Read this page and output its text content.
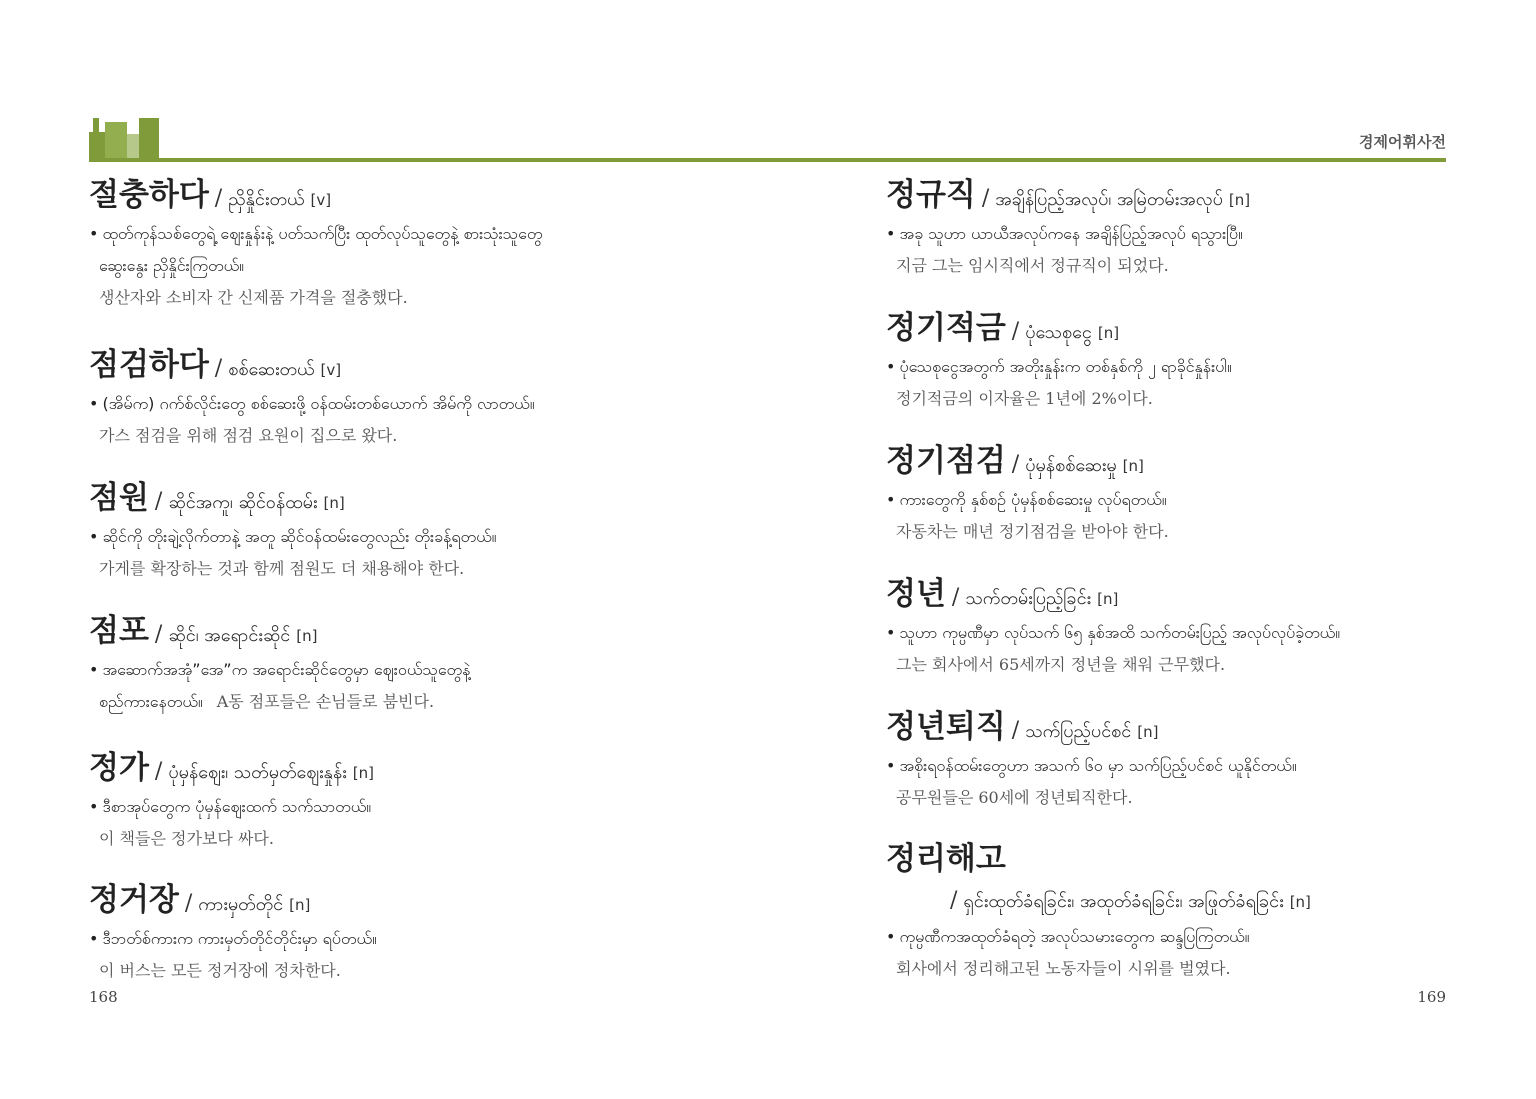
경제어휘사전
절충하다 / ညှိနှိုင်းတယ် [v]
• ထုတ်ကုန်သစ်တွေရဲ့ ဈေးနှုန်းနဲ့ ပတ်သက်ပြီး ထုတ်လုပ်သူတွေနဲ့ စားသုံးသူတွေ
ဆွေးနွေး ညှိနှိုင်းကြတယ်။
생산자와 소비자 간 신제품 가격을 절충했다.
점검하다 / စစ်ဆေးတယ် [v]
• (အိမ်က) ဂက်စ်လိုင်းတွေ စစ်ဆေးဖို့ ဝန်ထမ်းတစ်ယောက် အိမ်ကို လာတယ်။
가스 점검을 위해 점검 요원이 집으로 왔다.
점원 / ဆိုင်အကူ၊ ဆိုင်ဝန်ထမ်း [n]
• ဆိုင်ကို တိုးချဲ့လိုက်တာနဲ့ အတူ ဆိုင်ဝန်ထမ်းတွေလည်း တိုးခန့်ရတယ်။
가게를 확장하는 것과 함께 점원도 더 채용해야 한다.
점포 / ဆိုင်၊ အရောင်းဆိုင် [n]
• အဆောက်အအုံ”အေ”က အရောင်းဆိုင်တွေမှာ ဈေးဝယ်သူတွေနဲ့
စည်ကားနေတယ်။ A동 점포들은 손님들로 붐빈다.
정가 / ပုံမှန်ဈေး၊ သတ်မှတ်ဈေးနှုန်း [n]
• ဒီစာအုပ်တွေက ပုံမှန်ဈေးထက် သက်သာတယ်။
이 책들은 정가보다 싸다.
정거장 / ကားမှတ်တိုင် [n]
• ဒီဘတ်စ်ကားက ကားမှတ်တိုင်တိုင်းမှာ ရပ်တယ်။
이 버스는 모든 정거장에 정차한다.
정규직 / အချိန်ပြည့်အလုပ်၊ အမြဲတမ်းအလုပ် [n]
• အခု သူဟာ ယာယီအလုပ်ကနေ အချိန်ပြည့်အလုပ် ရသွားပြီ။
지금 그는 임시직에서 정규직이 되었다.
정기적금 / ပုံသေစုငွေ [n]
• ပုံသေစုငွေအတွက် အတိုးနှုန်းက တစ်နှစ်ကို ၂ ရာခိုင်နှုန်းပါ။
정기적금의 이자율은 1년에 2%이다.
정기점검 / ပုံမှန်စစ်ဆေးမှု [n]
• ကားတွေကို နှစ်စဉ် ပုံမှန်စစ်ဆေးမှု လုပ်ရတယ်။
자동차는 매년 정기점검을 받아야 한다.
정년 / သက်တမ်းပြည့်ခြင်း [n]
• သူဟာ ကုမ္ပဏီမှာ လုပ်သက် ၆၅ နှစ်အထိ သက်တမ်းပြည့် အလုပ်လုပ်ခဲ့တယ်။
그는 회사에서 65세까지 정년을 채워 근무했다.
정년퇴직 / သက်ပြည့်ပင်စင် [n]
• အစိုးရဝန်ထမ်းတွေဟာ အသက် ၆၀ မှာ သက်ပြည့်ပင်စင် ယူနိုင်တယ်။
공무원들은 60세에 정년퇴직한다.
정리해고
/ ရှင်းထုတ်ခံရခြင်း၊ အထုတ်ခံရခြင်း၊ အဖြုတ်ခံရခြင်း [n]
• ကုမ္ပဏီကအထုတ်ခံရတဲ့ အလုပ်သမားတွေက ဆန္ဒပြကြတယ်။
회사에서 정리해고된 노동자들이 시위를 벌였다.
168	169
